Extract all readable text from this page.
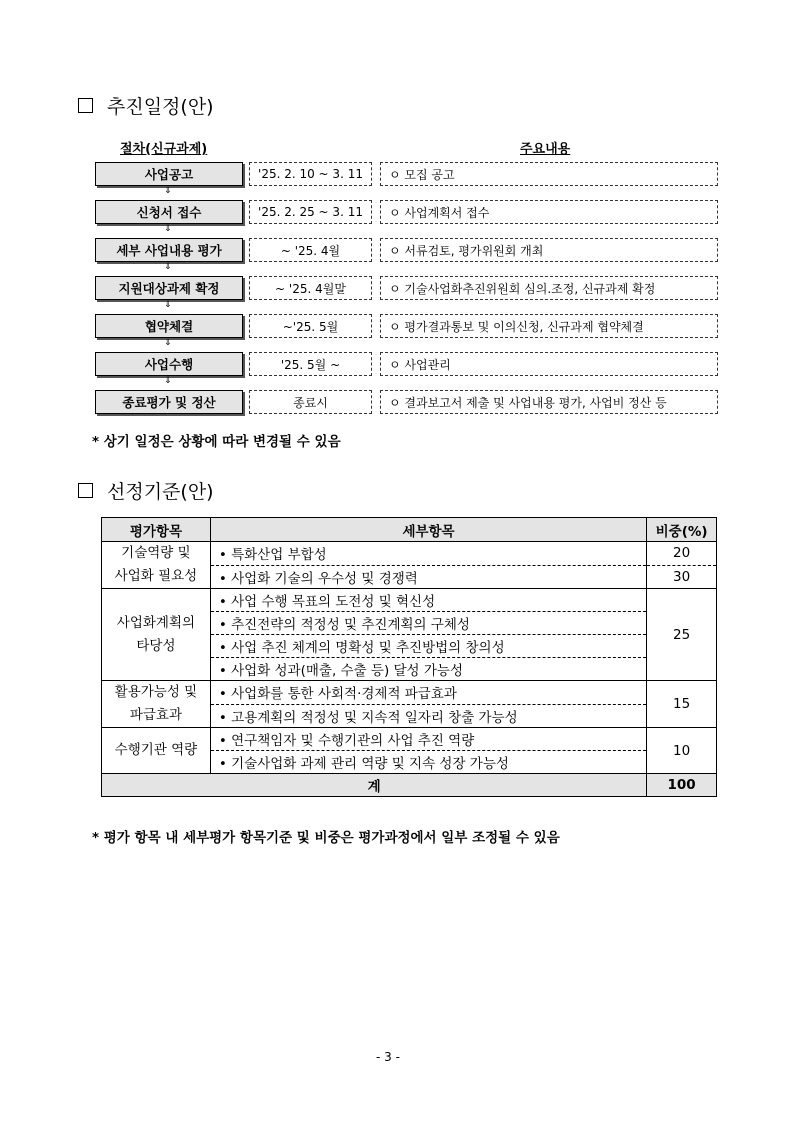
추진일정(안)
절차(신규과제)	주요내용
사업공고	'25. 2. 10 ~ 3. 11	ㅇ 모집 공고
⇓
신청서 접수	'25. 2. 25 ~ 3. 11	ㅇ 사업계획서 접수
⇓
세부 사업내용 평가	~ '25. 4월	ㅇ 서류검토, 평가위원회 개최
⇓
지원대상과제 확정	~ '25. 4월말	ㅇ 기술사업화추진위원회 심의.조정, 신규과제 확정
⇓
협약체결	~'25. 5월	ㅇ 평가결과통보 및 이의신청, 신규과제 협약체결
⇓
사업수행	'25. 5월 ~	ㅇ 사업관리
⇓
종료평가 및 정산	종료시	ㅇ 결과보고서 제출 및 사업내용 평가, 사업비 정산 등
* 상기 일정은 상황에 따라 변경될 수 있음
선정기준(안)
평가항목	세부항목	비중(%)

기술역량 및
사업화 필요성	• 특화산업 부합성	20
	• 사업화 기술의 우수성 및 경쟁력	30

사업화계획의
타당성	• 사업 수행 목표의 도전성 및 혁신성	25
	• 추진전략의 적정성 및 추진계획의 구체성	
	• 사업 추진 체계의 명확성 및 추진방법의 창의성	
	• 사업화 성과(매출, 수출 등) 달성 가능성	

활용가능성 및
파급효과	• 사업화를 통한 사회적·경제적 파급효과	15
	• 고용계획의 적정성 및 지속적 일자리 창출 가능성	

수행기관 역량	• 연구책임자 및 수행기관의 사업 추진 역량	10
	• 기술사업화 과제 관리 역량 및 지속 성장 가능성	
계		100
* 평가 항목 내 세부평가 항목기준 및 비중은 평가과정에서 일부 조정될 수 있음
- 3 -
